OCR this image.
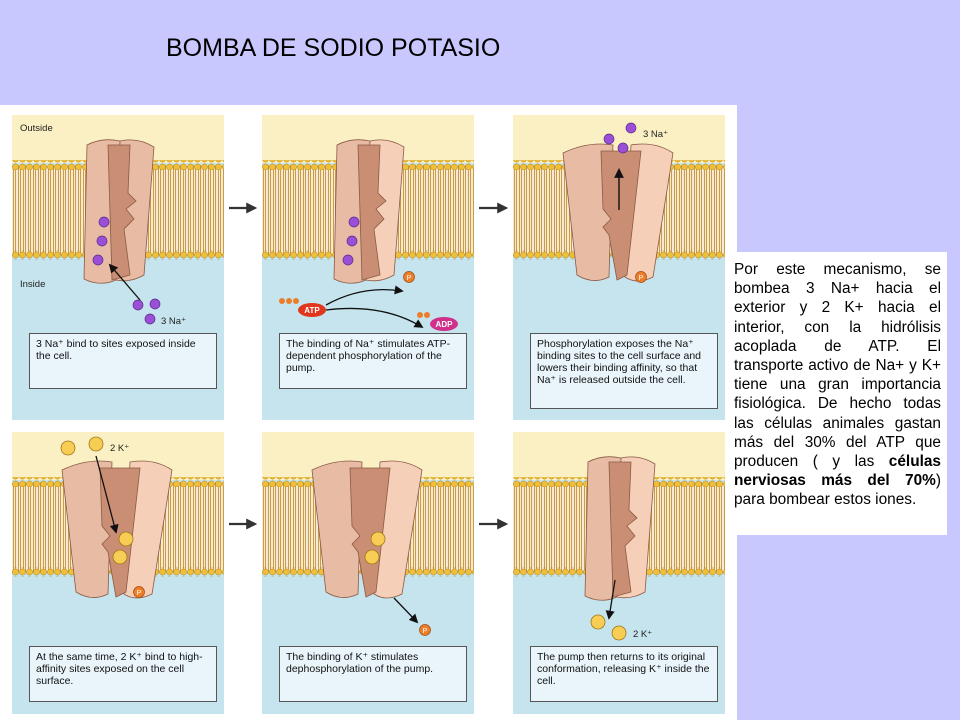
BOMBA DE SODIO POTASIO
Outside
Inside
3 Na⁺
P
ATP
ADP
3 Na⁺
P
2 K⁺
P
P	2 K⁺
3 Na⁺ bind to sites exposed inside the cell.
The binding of Na⁺ stimulates ATP-dependent phosphorylation of the pump.
Phosphorylation exposes the Na⁺ binding sites to the cell surface and lowers their binding affinity, so that Na⁺ is released outside the cell.
At the same time, 2 K⁺ bind to high-affinity sites exposed on the cell surface.
The binding of K⁺ stimulates dephosphorylation of the pump.
The pump then returns to its original conformation, releasing K⁺ inside the cell.
Por este mecanismo, se bombea 3 Na+ hacia el exterior y 2 K+ hacia el interior, con la hidrólisis acoplada de ATP. El transporte activo de Na+ y K+ tiene una gran importancia fisiológica. De hecho todas las células animales gastan más del 30% del ATP que producen ( y las células nerviosas más del 70%) para bombear estos iones.
